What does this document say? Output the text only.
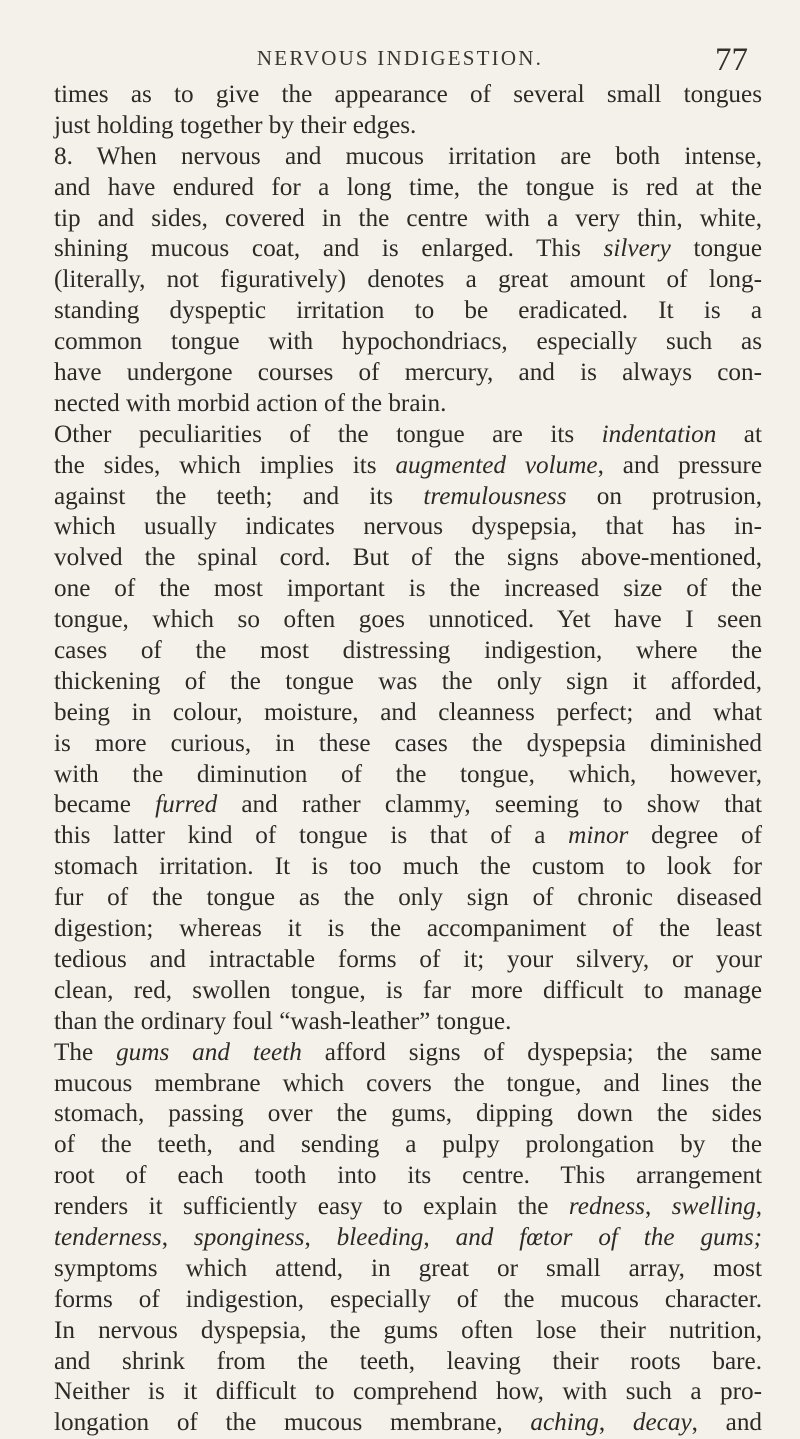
NERVOUS INDIGESTION.	77
times as to give the appearance of several small tongues
just holding together by their edges.
8. When nervous and mucous irritation are both intense,
and have endured for a long time, the tongue is red at the
tip and sides, covered in the centre with a very thin, white,
shining mucous coat, and is enlarged. This silvery tongue
(literally, not figuratively) denotes a great amount of long-
standing dyspeptic irritation to be eradicated. It is a
common tongue with hypochondriacs, especially such as
have undergone courses of mercury, and is always con-
nected with morbid action of the brain.
Other peculiarities of the tongue are its indentation at
the sides, which implies its augmented volume, and pressure
against the teeth; and its tremulousness on protrusion,
which usually indicates nervous dyspepsia, that has in-
volved the spinal cord. But of the signs above-mentioned,
one of the most important is the increased size of the
tongue, which so often goes unnoticed. Yet have I seen
cases of the most distressing indigestion, where the
thickening of the tongue was the only sign it afforded,
being in colour, moisture, and cleanness perfect; and what
is more curious, in these cases the dyspepsia diminished
with the diminution of the tongue, which, however,
became furred and rather clammy, seeming to show that
this latter kind of tongue is that of a minor degree of
stomach irritation. It is too much the custom to look for
fur of the tongue as the only sign of chronic diseased
digestion; whereas it is the accompaniment of the least
tedious and intractable forms of it; your silvery, or your
clean, red, swollen tongue, is far more difficult to manage
than the ordinary foul “wash-leather” tongue.
The gums and teeth afford signs of dyspepsia; the same
mucous membrane which covers the tongue, and lines the
stomach, passing over the gums, dipping down the sides
of the teeth, and sending a pulpy prolongation by the
root of each tooth into its centre. This arrangement
renders it sufficiently easy to explain the redness, swelling,
tenderness, sponginess, bleeding, and fœtor of the gums;
symptoms which attend, in great or small array, most
forms of indigestion, especially of the mucous character.
In nervous dyspepsia, the gums often lose their nutrition,
and shrink from the teeth, leaving their roots bare.
Neither is it difficult to comprehend how, with such a pro-
longation of the mucous membrane, aching, decay, and
